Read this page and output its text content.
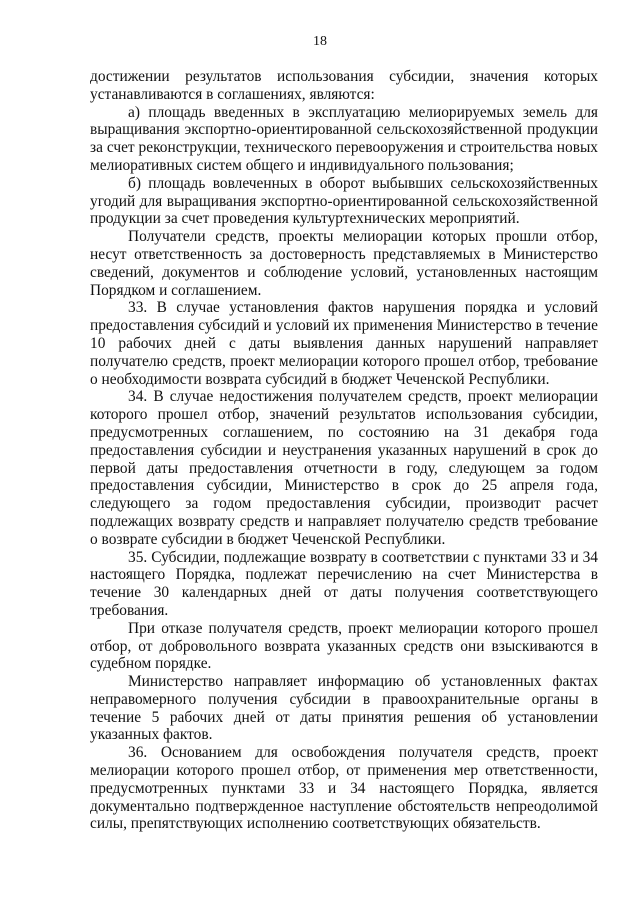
18

достижении результатов использования субсидии, значения которых устанавливаются в соглашениях, являются:

а) площадь введенных в эксплуатацию мелиорируемых земель для выращивания экспортно-ориентированной сельскохозяйственной продукции за счет реконструкции, технического перевооружения и строительства новых мелиоративных систем общего и индивидуального пользования;

б) площадь вовлеченных в оборот выбывших сельскохозяйственных угодий для выращивания экспортно-ориентированной сельскохозяйственной продукции за счет проведения культуртехнических мероприятий.

Получатели средств, проекты мелиорации которых прошли отбор, несут ответственность за достоверность представляемых в Министерство сведений, документов и соблюдение условий, установленных настоящим Порядком и соглашением.

33. В случае установления фактов нарушения порядка и условий предоставления субсидий и условий их применения Министерство в течение 10 рабочих дней с даты выявления данных нарушений направляет получателю средств, проект мелиорации которого прошел отбор, требование о необходимости возврата субсидий в бюджет Чеченской Республики.

34. В случае недостижения получателем средств, проект мелиорации которого прошел отбор, значений результатов использования субсидии, предусмотренных соглашением, по состоянию на 31 декабря года предоставления субсидии и неустранения указанных нарушений в срок до первой даты предоставления отчетности в году, следующем за годом предоставления субсидии, Министерство в срок до 25 апреля года, следующего за годом предоставления субсидии, производит расчет подлежащих возврату средств и направляет получателю средств требование о возврате субсидии в бюджет Чеченской Республики.

35. Субсидии, подлежащие возврату в соответствии с пунктами 33 и 34 настоящего Порядка, подлежат перечислению на счет Министерства в течение 30 календарных дней от даты получения соответствующего требования.

При отказе получателя средств, проект мелиорации которого прошел отбор, от добровольного возврата указанных средств они взыскиваются в судебном порядке.

Министерство направляет информацию об установленных фактах неправомерного получения субсидии в правоохранительные органы в течение 5 рабочих дней от даты принятия решения об установлении указанных фактов.

36. Основанием для освобождения получателя средств, проект мелиорации которого прошел отбор, от применения мер ответственности, предусмотренных пунктами 33 и 34 настоящего Порядка, является документально подтвержденное наступление обстоятельств непреодолимой силы, препятствующих исполнению соответствующих обязательств.
